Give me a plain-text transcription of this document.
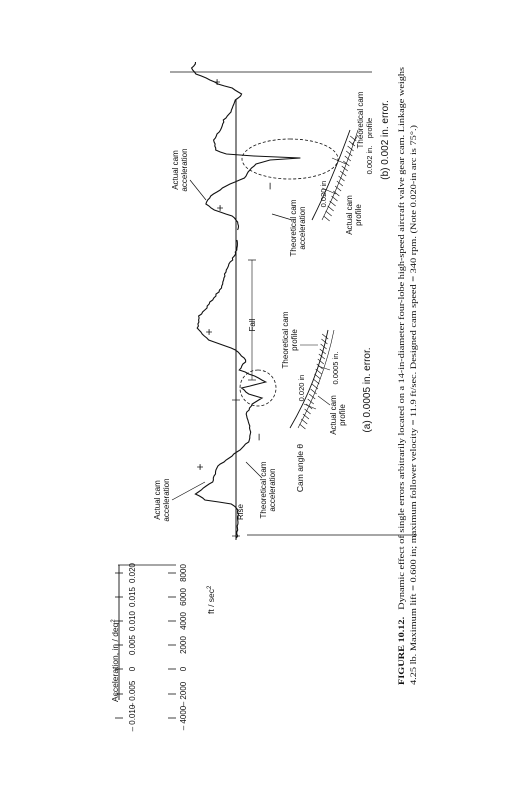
0.020
0.015
0.010
0.005
0
– 0.005
– 0.010
8000
6000
4000
2000
0
– 2000
– 4000
Acceleration, in / deg$^2$
ft / $\sec^2$
+
+
–
Actual cam acceleration	Theoretical cam acceleration Cam angle θ
Rise
Fall
0.020 in
0.0005 in.
Theoretical cam profile
Actual cam profile (a) 0.0005 in. error.
+
+
–
Actual cam acceleration
Theoretical cam acceleration
0.020 in
0.002 in.
profile
Theoretical cam
Actual cam profile
(b) 0.002 in. error.
FIGURE 10.12.Dynamic effect of single errors arbitrarily located on a 14-in-diameter four-lobe high-speed aircraft valve gear cam. Linkage weighs 4.25 lb. Maximum lift = 0.600 in; maximum follower velocity = 11.9 ft/sec. Designed cam speed = 340 rpm. (Note 0.020-in arc is 75°.)
